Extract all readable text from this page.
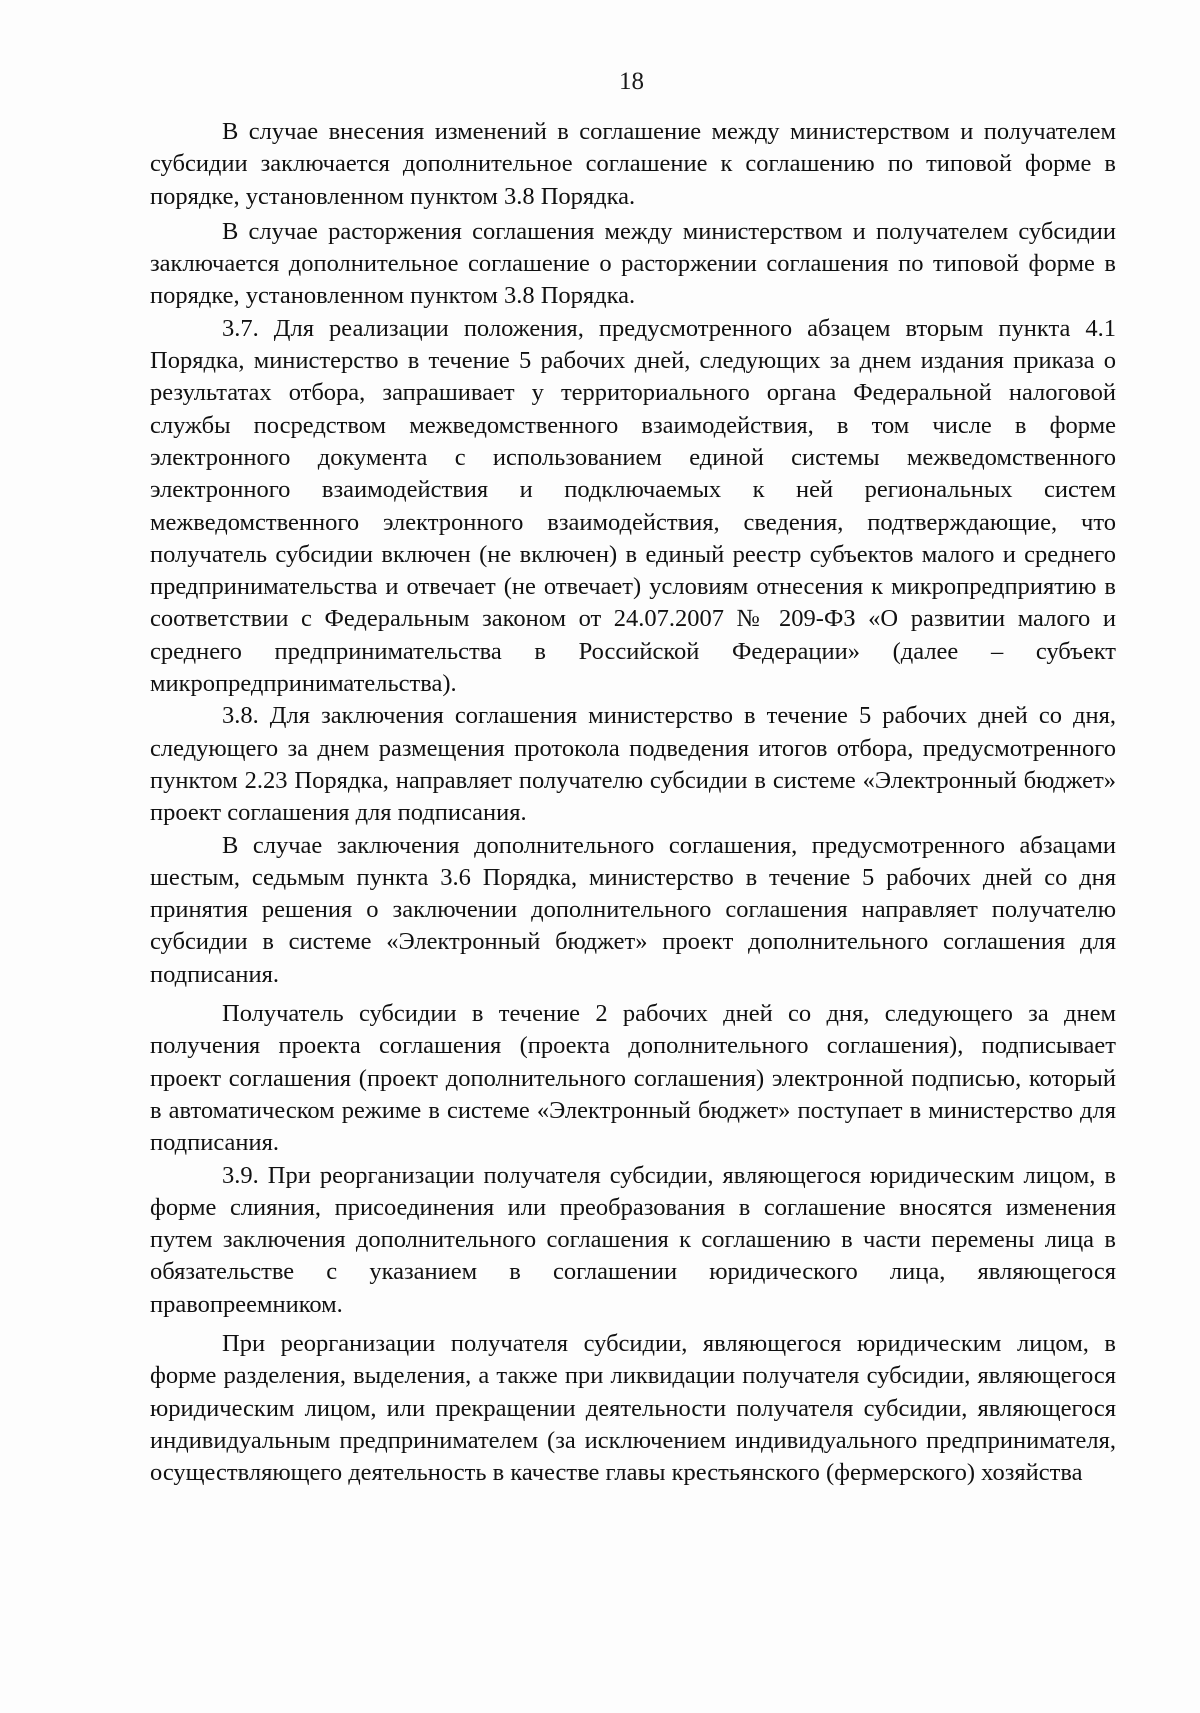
18

В случае внесения изменений в соглашение между министерством и получателем субсидии заключается дополнительное соглашение к соглашению по типовой форме в порядке, установленном пунктом 3.8 Порядка.

В случае расторжения соглашения между министерством и получателем субсидии заключается дополнительное соглашение о расторжении соглашения по типовой форме в порядке, установленном пунктом 3.8 Порядка.

3.7. Для реализации положения, предусмотренного абзацем вторым пункта 4.1 Порядка, министерство в течение 5 рабочих дней, следующих за днем издания приказа о результатах отбора, запрашивает у территориального органа Федеральной налоговой службы посредством межведомственного взаимодействия, в том числе в форме электронного документа с использованием единой системы межведомственного электронного взаимодействия и подключаемых к ней региональных систем межведомственного электронного взаимодействия, сведения, подтверждающие, что получатель субсидии включен (не включен) в единый реестр субъектов малого и среднего предпринимательства и отвечает (не отвечает) условиям отнесения к микропредприятию в соответствии с Федеральным законом от 24.07.2007 № 209-ФЗ «О развитии малого и среднего предпринимательства в Российской Федерации» (далее – субъект микропредпринимательства).

3.8. Для заключения соглашения министерство в течение 5 рабочих дней со дня, следующего за днем размещения протокола подведения итогов отбора, предусмотренного пунктом 2.23 Порядка, направляет получателю субсидии в системе «Электронный бюджет» проект соглашения для подписания.

В случае заключения дополнительного соглашения, предусмотренного абзацами шестым, седьмым пункта 3.6 Порядка, министерство в течение 5 рабочих дней со дня принятия решения о заключении дополнительного соглашения направляет получателю субсидии в системе «Электронный бюджет» проект дополнительного соглашения для подписания.

Получатель субсидии в течение 2 рабочих дней со дня, следующего за днем получения проекта соглашения (проекта дополнительного соглашения), подписывает проект соглашения (проект дополнительного соглашения) электронной подписью, который в автоматическом режиме в системе «Электронный бюджет» поступает в министерство для подписания.

3.9. При реорганизации получателя субсидии, являющегося юридическим лицом, в форме слияния, присоединения или преобразования в соглашение вносятся изменения путем заключения дополнительного соглашения к соглашению в части перемены лица в обязательстве с указанием в соглашении юридического лица, являющегося правопреемником.

При реорганизации получателя субсидии, являющегося юридическим лицом, в форме разделения, выделения, а также при ликвидации получателя субсидии, являющегося юридическим лицом, или прекращении деятельности получателя субсидии, являющегося индивидуальным предпринимателем (за исключением индивидуального предпринимателя, осуществляющего деятельность в качестве главы крестьянского (фермерского) хозяйства
